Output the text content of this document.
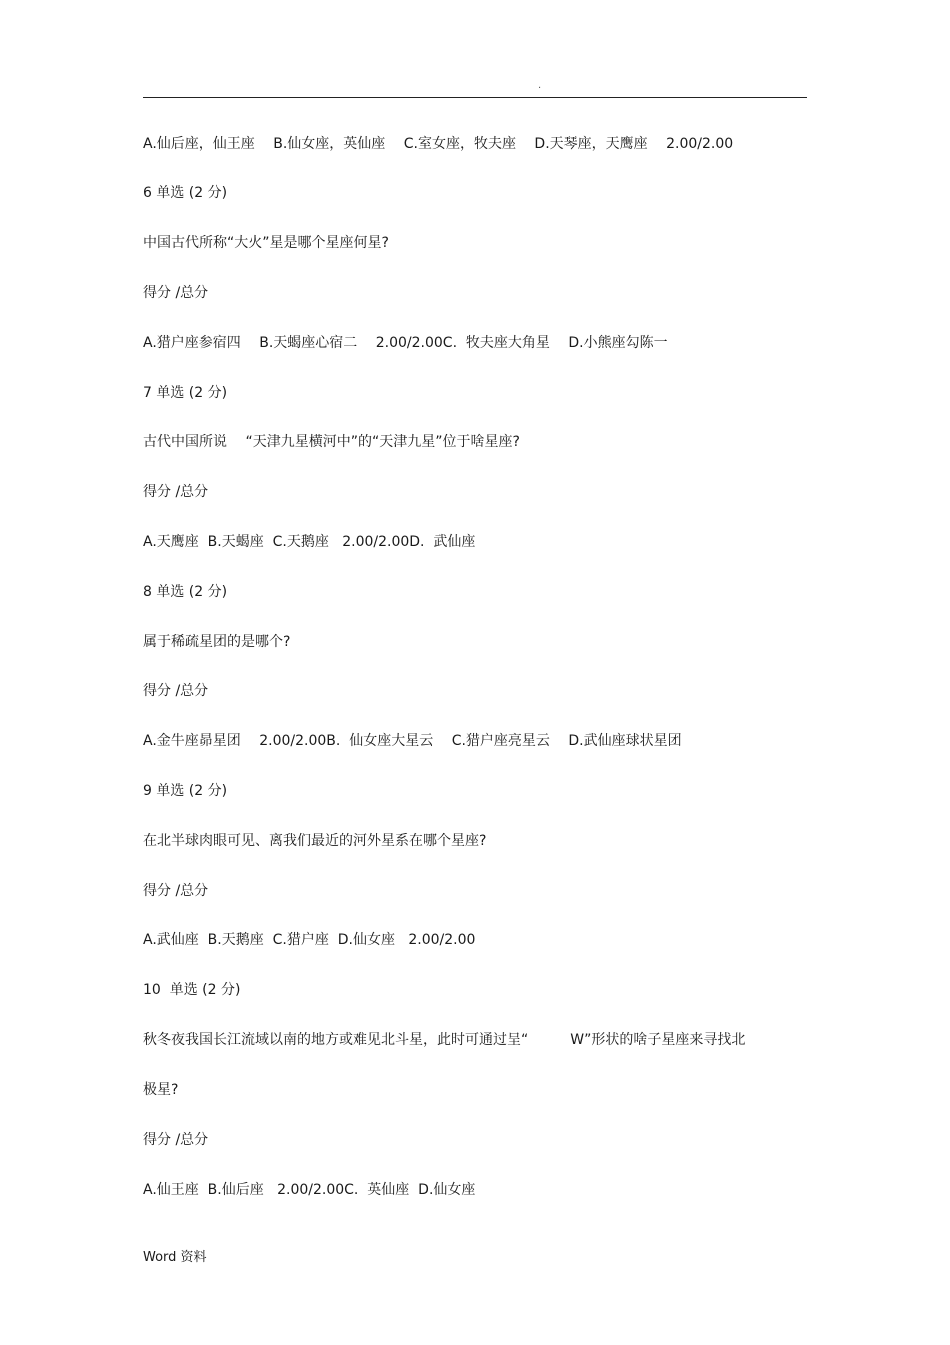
.
A.仙后座，仙王座　 B.仙女座，英仙座　 C.室女座，牧夫座　 D.天琴座，天鹰座　 2.00/2.00
6 单选 (2 分)
中国古代所称“大火”星是哪个星座何星?
得分 /总分
A.猎户座参宿四　 B.天蝎座心宿二　 2.00/2.00C.  牧夫座大角星　 D.小熊座勾陈一
7 单选 (2 分)
古代中国所说　 “天津九星横河中”的“天津九星”位于啥星座?
得分 /总分
A.天鹰座  B.天蝎座  C.天鹅座   2.00/2.00D.  武仙座
8 单选 (2 分)
属于稀疏星团的是哪个?
得分 /总分
A.金牛座昴星团　 2.00/2.00B.  仙女座大星云　 C.猎户座亮星云　 D.武仙座球状星团
9 单选 (2 分)
在北半球肉眼可见、离我们最近的河外星系在哪个星座?
得分 /总分
A.武仙座  B.天鹅座  C.猎户座  D.仙女座   2.00/2.00
10  单选 (2 分)
秋冬夜我国长江流域以南的地方或难见北斗星，此时可通过呈“　　　W”形状的啥子星座来寻找北
极星?
得分 /总分
A.仙王座  B.仙后座   2.00/2.00C.  英仙座  D.仙女座
Word 资料
